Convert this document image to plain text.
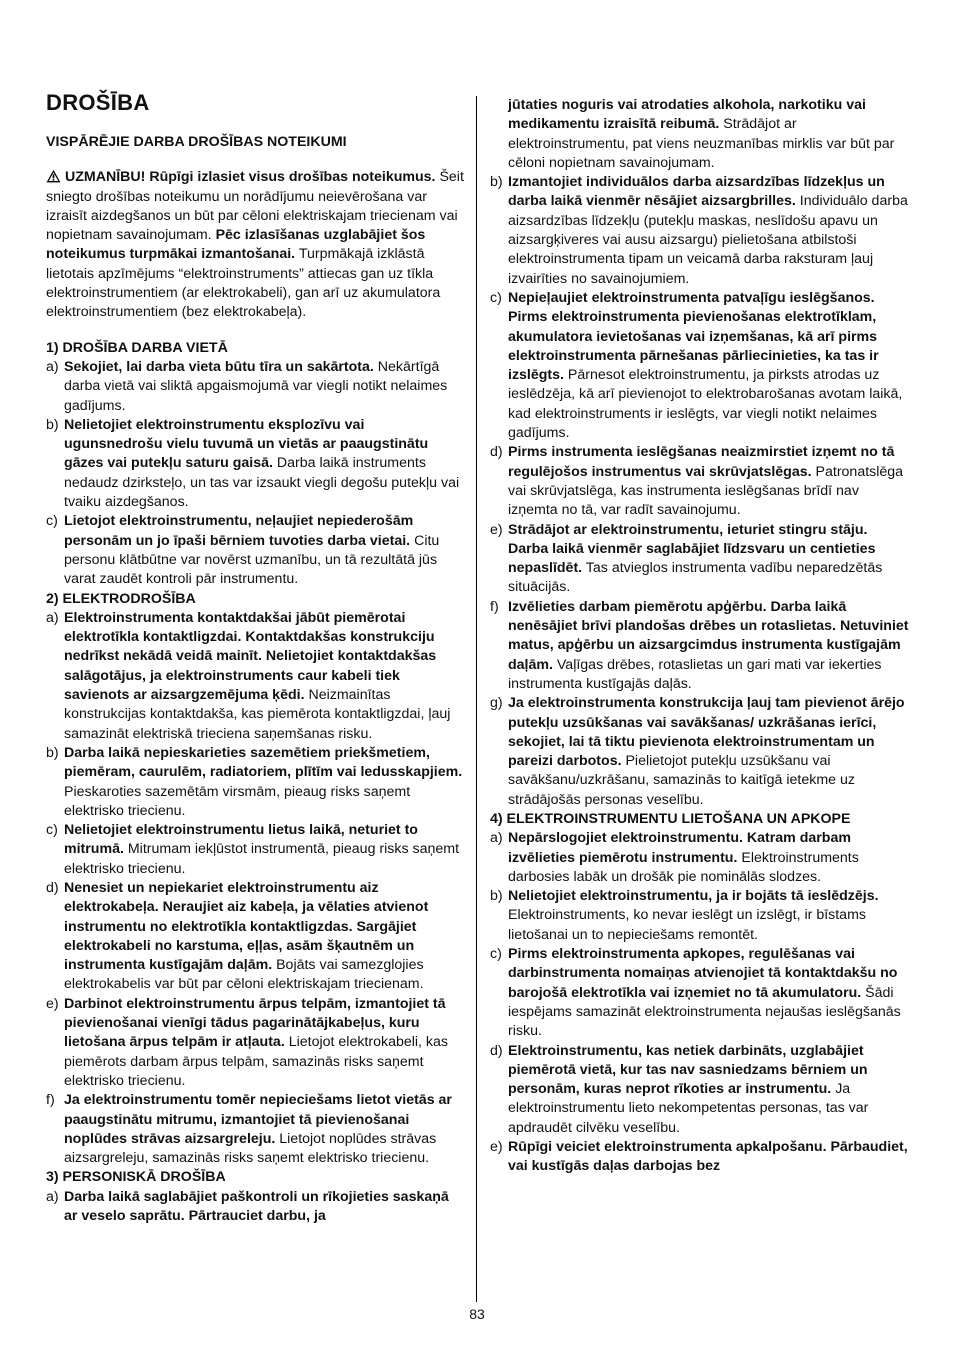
DROŠĪBA

VISPĀRĒJIE DARBA DROŠĪBAS NOTEIKUMI

UZMANĪBU! Rūpīgi izlasiet visus drošības noteikumus. Šeit sniegto drošības noteikumu un norādījumu neievērošana var izraisīt aizdegšanos un būt par cēloni elektriskajam triecienam vai nopietnam savainojumam. Pēc izlasīšanas uzglabājiet šos noteikumus turpmākai izmantošanai. Turpmākajā izklāstā lietotais apzīmējums “elektroinstruments” attiecas gan uz tīkla elektroinstrumentiem (ar elektrokabeli), gan arī uz akumulatora elektroinstrumentiem (bez elektrokabeļa).

1) DROŠĪBA DARBA VIETĀ

a) Sekojiet, lai darba vieta būtu tīra un sakārtota. Nekārtīgā darba vietā vai sliktā apgaismojumā var viegli notikt nelaimes gadījums.
b) Nelietojiet elektroinstrumentu eksplozīvu vai ugunsnedrošu vielu tuvumā un vietās ar paaugstinātu gāzes vai putekļu saturu gaisā. Darba laikā instruments nedaudz dzirksteļo, un tas var izsaukt viegli degošu putekļu vai tvaiku aizdegšanos.
c) Lietojot elektroinstrumentu, neļaujiet nepiederošām personām un jo īpaši bērniem tuvoties darba vietai. Citu personu klātbūtne var novērst uzmanību, un tā rezultātā jūs varat zaudēt kontroli pār instrumentu.

2) ELEKTRODROŠĪBA

a) Elektroinstrumenta kontaktdakšai jābūt piemērotai elektrotīkla kontaktligzdai. Kontaktdakšas konstrukciju nedrīkst nekādā veidā mainīt. Nelietojiet kontaktdakšas salāgotājus, ja elektroinstruments caur kabeli tiek savienots ar aizsargzemējuma ķēdi. Neizmainītas konstrukcijas kontaktdakša, kas piemērota kontaktligzdai, ļauj samazināt elektriskā trieciena saņemšanas risku.
b) Darba laikā nepieskarieties sazemētiem priekšmetiem, piemēram, caurulēm, radiatoriem, plītīm vai ledusskapjiem. Pieskaroties sazemētām virsmām, pieaug risks saņemt elektrisko triecienu.
c) Nelietojiet elektroinstrumentu lietus laikā, neturiet to mitrumā. Mitrumam iekļūstot instrumentā, pieaug risks saņemt elektrisko triecienu.
d) Nenesiet un nepiekariet elektroinstrumentu aiz elektrokabeļa. Neraujiet aiz kabeļa, ja vēlaties atvienot instrumentu no elektrotīkla kontaktligzdas. Sargājiet elektrokabeli no karstuma, eļļas, asām šķautnēm un instrumenta kustīgajām daļām. Bojāts vai samezglojies elektrokabelis var būt par cēloni elektriskajam triecienam.
e) Darbinot elektroinstrumentu ārpus telpām, izmantojiet tā pievienošanai vienīgi tādus pagarinātājkabeļus, kuru lietošana ārpus telpām ir atļauta. Lietojot elektrokabeli, kas piemērots darbam ārpus telpām, samazinās risks saņemt elektrisko triecienu.
f) Ja elektroinstrumentu tomēr nepieciešams lietot vietās ar paaugstinātu mitrumu, izmantojiet tā pievienošanai noplūdes strāvas aizsargreleju. Lietojot noplūdes strāvas aizsargreleju, samazinās risks saņemt elektrisko triecienu.

3) PERSONISKĀ DROŠĪBA

a) Darba laikā saglabājiet paškontroli un rīkojieties saskaņā ar veselo saprātu. Pārtrauciet darbu, ja

jūtaties noguris vai atrodaties alkohola, narkotiku vai medikamentu izraisītā reibumā. Strādājot ar elektroinstrumentu, pat viens neuzmanības mirklis var būt par cēloni nopietnam savainojumam.

b) Izmantojiet individuālos darba aizsardzības līdzekļus un darba laikā vienmēr nēsājiet aizsargbrilles. Individuālo darba aizsardzības līdzekļu (putekļu maskas, neslīdošu apavu un aizsargķiveres vai ausu aizsargu) pielietošana atbilstoši elektroinstrumenta tipam un veicamā darba raksturam ļauj izvairīties no savainojumiem.
c) Nepieļaujiet elektroinstrumenta patvaļīgu ieslēgšanos. Pirms elektroinstrumenta pievienošanas elektrotīklam, akumulatora ievietošanas vai izņemšanas, kā arī pirms elektroinstrumenta pārnešanas pārliecinieties, ka tas ir izslēgts. Pārnesot elektroinstrumentu, ja pirksts atrodas uz ieslēdzēja, kā arī pievienojot to elektrobarošanas avotam laikā, kad elektroinstruments ir ieslēgts, var viegli notikt nelaimes gadījums.
d) Pirms instrumenta ieslēgšanas neaizmirstiet izņemt no tā regulējošos instrumentus vai skrūvjatslēgas. Patronatslēga vai skrūvjatslēga, kas instrumenta ieslēgšanas brīdī nav izņemta no tā, var radīt savainojumu.
e) Strādājot ar elektroinstrumentu, ieturiet stingru stāju. Darba laikā vienmēr saglabājiet līdzsvaru un centieties nepaslīdēt. Tas atvieglos instrumenta vadību neparedzētās situācijās.
f) Izvēlieties darbam piemērotu apģērbu. Darba laikā nenēsājiet brīvi plandošas drēbes un rotaslietas. Netuviniet matus, apģērbu un aizsargcimdus instrumenta kustīgajām daļām. Vaļīgas drēbes, rotaslietas un gari mati var iekerties instrumenta kustīgajās daļās.
g) Ja elektroinstrumenta konstrukcija ļauj tam pievienot ārējo putekļu uzsūkšanas vai savākšanas/ uzkrāšanas ierīci, sekojiet, lai tā tiktu pievienota elektroinstrumentam un pareizi darbotos. Pielietojot putekļu uzsūkšanu vai savākšanu/uzkrāšanu, samazinās to kaitīgā ietekme uz strādājošās personas veselību.

4) ELEKTROINSTRUMENTU LIETOŠANA UN APKOPE

a) Nepārslogojiet elektroinstrumentu. Katram darbam izvēlieties piemērotu instrumentu. Elektroinstruments darbosies labāk un drošāk pie nominālās slodzes.
b) Nelietojiet elektroinstrumentu, ja ir bojāts tā ieslēdzējs. Elektroinstruments, ko nevar ieslēgt un izslēgt, ir bīstams lietošanai un to nepieciešams remontēt.
c) Pirms elektroinstrumenta apkopes, regulēšanas vai darbinstrumenta nomaiņas atvienojiet tā kontaktdakšu no barojošā elektrotīkla vai izņemiet no tā akumulatoru. Šādi iespējams samazināt elektroinstrumenta nejaušas ieslēgšanās risku.
d) Elektroinstrumentu, kas netiek darbināts, uzglabājiet piemērotā vietā, kur tas nav sasniedzams bērniem un personām, kuras neprot rīkoties ar instrumentu. Ja elektroinstrumentu lieto nekompetentas personas, tas var apdraudēt cilvēku veselību.
e) Rūpīgi veiciet elektroinstrumenta apkalpošanu. Pārbaudiet, vai kustīgās daļas darbojas bez
83
